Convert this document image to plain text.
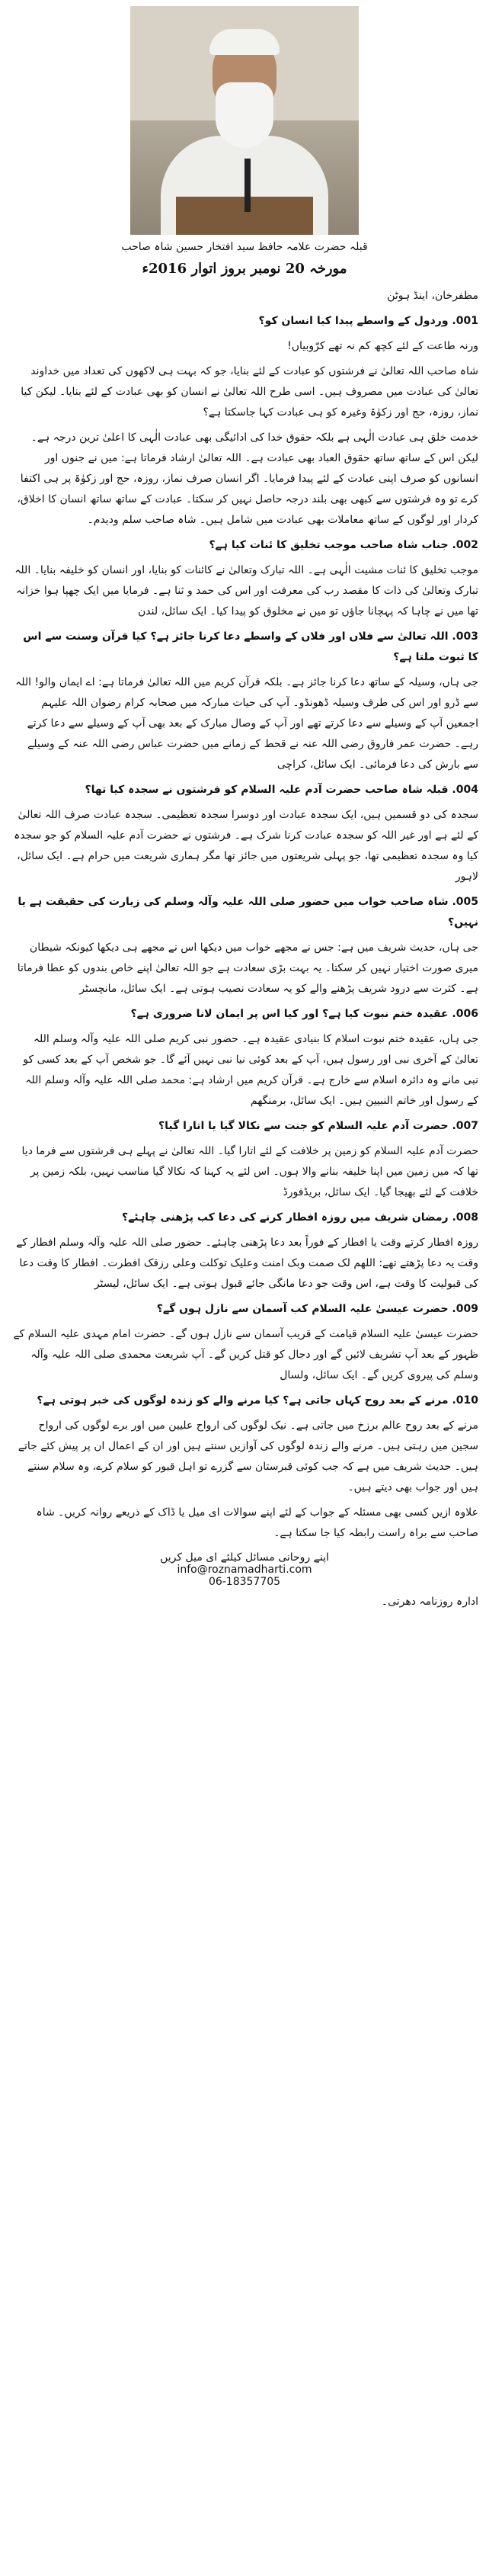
قبلہ حضرت علامہ حافظ سید افتخار حسین شاہ صاحب
مورخہ 20 نومبر بروز اتوار 2016ء

مظفرخان، اینڈ ہوٹن

001. وردول کے واسطے پیدا کیا انسان کو؟

ورنہ طاعت کے لئے کچھ کم نہ تھے کرّوبیاں!

شاہ صاحب اللہ تعالیٰ نے فرشتوں کو عبادت کے لئے بنایا، جو کہ بہت ہی لاکھوں کی تعداد میں خداوند تعالیٰ کی عبادت میں مصروف ہیں۔ اسی طرح اللہ تعالیٰ نے انسان کو بھی عبادت کے لئے بنایا۔ لیکن کیا نماز، روزہ، حج اور زکوٰۃ وغیرہ کو ہی عبادت کہا جاسکتا ہے؟

خدمت خلق ہی عبادت الٰہی ہے بلکہ حقوق خدا کی ادائیگی بھی عبادت الٰہی کا اعلیٰ ترین درجہ ہے۔ لیکن اس کے ساتھ ساتھ حقوق العباد بھی عبادت ہے۔ اللہ تعالیٰ ارشاد فرماتا ہے: میں نے جنوں اور انسانوں کو صرف اپنی عبادت کے لئے پیدا فرمایا۔ اگر انسان صرف نماز، روزہ، حج اور زکوٰۃ پر ہی اکتفا کرے تو وہ فرشتوں سے کبھی بھی بلند درجہ حاصل نہیں کر سکتا۔ عبادت کے ساتھ ساتھ انسان کا اخلاق، کردار اور لوگوں کے ساتھ معاملات بھی عبادت میں شامل ہیں۔ شاہ صاحب سلم ودیدم۔

002. جناب شاہ صاحب موجب تخلیق کا ئنات کیا ہے؟

موجب تخلیق کا ئنات مشیت الٰہی ہے۔ اللہ تبارک وتعالیٰ نے کائنات کو بنایا، اور انسان کو خلیفہ بنایا۔ اللہ تبارک وتعالیٰ کی ذات کا مقصد رب کی معرفت اور اس کی حمد و ثنا ہے۔ فرمایا میں ایک چھپا ہوا خزانہ تھا میں نے چاہا کہ پہچانا جاؤں تو میں نے مخلوق کو پیدا کیا۔ ایک سائل، لندن

003. اللہ تعالیٰ سے فلاں اور فلاں کے واسطے دعا کرنا جائز ہے؟ کیا قرآن وسنت سے اس کا ثبوت ملتا ہے؟

جی ہاں، وسیلہ کے ساتھ دعا کرنا جائز ہے۔ بلکہ قرآن کریم میں اللہ تعالیٰ فرماتا ہے: اے ایمان والو! اللہ سے ڈرو اور اس کی طرف وسیلہ ڈھونڈو۔ آپ کی حیات مبارکہ میں صحابہ کرام رضوان اللہ علیہم اجمعین آپ کے وسیلے سے دعا کرتے تھے اور آپ کے وصال مبارک کے بعد بھی آپ کے وسیلے سے دعا کرتے رہے۔ حضرت عمر فاروق رضی اللہ عنہ نے قحط کے زمانے میں حضرت عباس رضی اللہ عنہ کے وسیلے سے بارش کی دعا فرمائی۔ ایک سائل، کراچی

004. قبلہ شاہ صاحب حضرت آدم علیہ السلام کو فرشتوں نے سجدہ کیا تھا؟

سجدہ کی دو قسمیں ہیں، ایک سجدہ عبادت اور دوسرا سجدہ تعظیمی۔ سجدہ عبادت صرف اللہ تعالیٰ کے لئے ہے اور غیر اللہ کو سجدہ عبادت کرنا شرک ہے۔ فرشتوں نے حضرت آدم علیہ السلام کو جو سجدہ کیا وہ سجدہ تعظیمی تھا، جو پہلی شریعتوں میں جائز تھا مگر ہماری شریعت میں حرام ہے۔ ایک سائل، لاہور

005. شاہ صاحب خواب میں حضور صلی اللہ علیہ وآلہ وسلم کی زیارت کی حقیقت ہے یا نہیں؟

جی ہاں، حدیث شریف میں ہے: جس نے مجھے خواب میں دیکھا اس نے مجھے ہی دیکھا کیونکہ شیطان میری صورت اختیار نہیں کر سکتا۔ یہ بہت بڑی سعادت ہے جو اللہ تعالیٰ اپنے خاص بندوں کو عطا فرماتا ہے۔ کثرت سے درود شریف پڑھنے والے کو یہ سعادت نصیب ہوتی ہے۔ ایک سائل، مانچسٹر

006. عقیدہ ختم نبوت کیا ہے؟ اور کیا اس پر ایمان لانا ضروری ہے؟

جی ہاں، عقیدہ ختم نبوت اسلام کا بنیادی عقیدہ ہے۔ حضور نبی کریم صلی اللہ علیہ وآلہ وسلم اللہ تعالیٰ کے آخری نبی اور رسول ہیں، آپ کے بعد کوئی نیا نبی نہیں آئے گا۔ جو شخص آپ کے بعد کسی کو نبی مانے وہ دائرہ اسلام سے خارج ہے۔ قرآن کریم میں ارشاد ہے: محمد صلی اللہ علیہ وآلہ وسلم اللہ کے رسول اور خاتم النبیین ہیں۔ ایک سائل، برمنگھم

007. حضرت آدم علیہ السلام کو جنت سے نکالا گیا یا اتارا گیا؟

حضرت آدم علیہ السلام کو زمین پر خلافت کے لئے اتارا گیا۔ اللہ تعالیٰ نے پہلے ہی فرشتوں سے فرما دیا تھا کہ میں زمین میں اپنا خلیفہ بنانے والا ہوں۔ اس لئے یہ کہنا کہ نکالا گیا مناسب نہیں، بلکہ زمین پر خلافت کے لئے بھیجا گیا۔ ایک سائل، بریڈفورڈ

008. رمضان شریف میں روزہ افطار کرنے کی دعا کب پڑھنی چاہئے؟

روزہ افطار کرتے وقت یا افطار کے فوراً بعد دعا پڑھنی چاہئے۔ حضور صلی اللہ علیہ وآلہ وسلم افطار کے وقت یہ دعا پڑھتے تھے: اللھم لک صمت وبک امنت وعلیک توکلت وعلی رزقک افطرت۔ افطار کا وقت دعا کی قبولیت کا وقت ہے، اس وقت جو دعا مانگی جائے قبول ہوتی ہے۔ ایک سائل، لیسٹر

009. حضرت عیسیٰ علیہ السلام کب آسمان سے نازل ہوں گے؟

حضرت عیسیٰ علیہ السلام قیامت کے قریب آسمان سے نازل ہوں گے۔ حضرت امام مہدی علیہ السلام کے ظہور کے بعد آپ تشریف لائیں گے اور دجال کو قتل کریں گے۔ آپ شریعت محمدی صلی اللہ علیہ وآلہ وسلم کی پیروی کریں گے۔ ایک سائل، ولسال

010. مرنے کے بعد روح کہاں جاتی ہے؟ کیا مرنے والے کو زندہ لوگوں کی خبر ہوتی ہے؟

مرنے کے بعد روح عالم برزخ میں جاتی ہے۔ نیک لوگوں کی ارواح علیین میں اور برے لوگوں کی ارواح سجین میں رہتی ہیں۔ مرنے والے زندہ لوگوں کی آوازیں سنتے ہیں اور ان کے اعمال ان پر پیش کئے جاتے ہیں۔ حدیث شریف میں ہے کہ جب کوئی قبرستان سے گزرے تو اہل قبور کو سلام کرے، وہ سلام سنتے ہیں اور جواب بھی دیتے ہیں۔

علاوہ ازیں کسی بھی مسئلہ کے جواب کے لئے اپنے سوالات ای میل یا ڈاک کے ذریعے روانہ کریں۔ شاہ صاحب سے براہ راست رابطہ کیا جا سکتا ہے۔

اپنے روحانی مسائل کیلئے ای میل کریں
info@roznamadharti.com
06-18357705
ادارہ روزنامہ دھرتی۔
